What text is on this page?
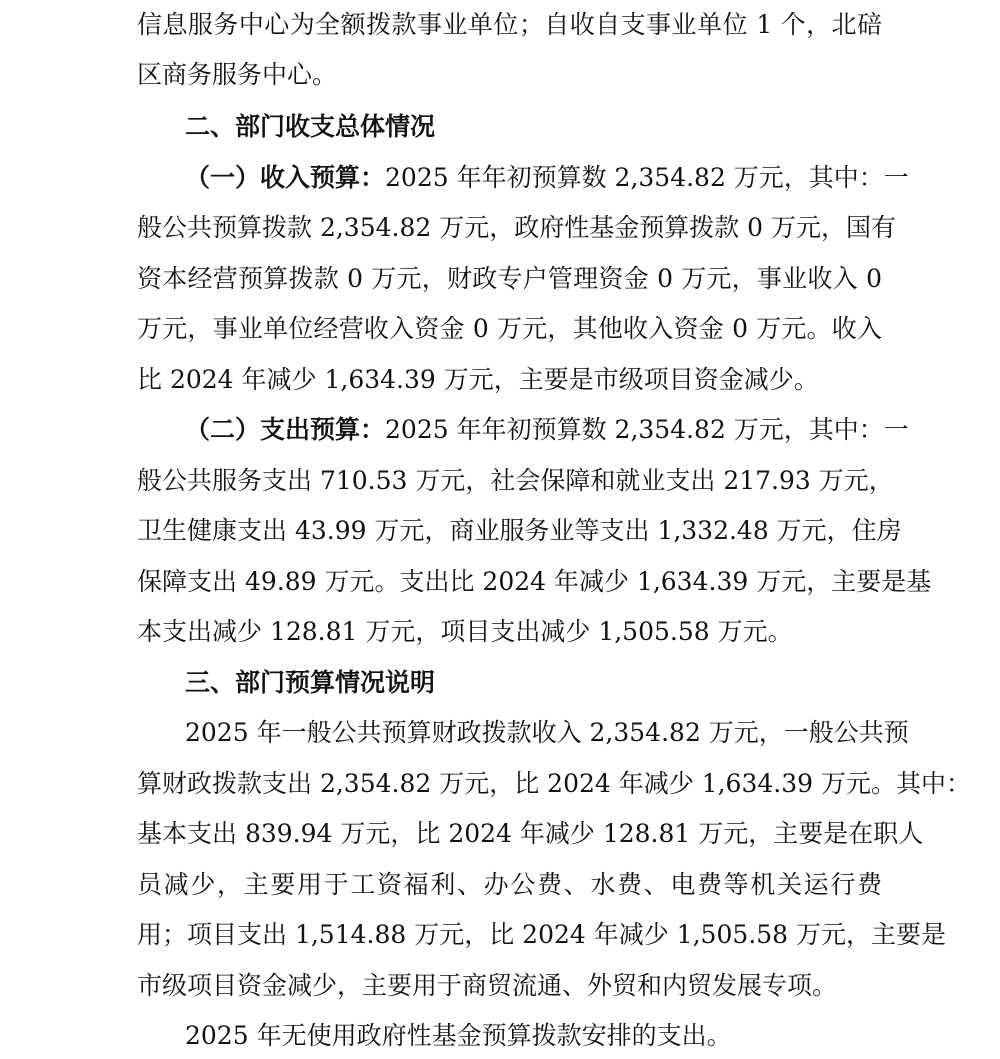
信息服务中心为全额拨款事业单位；自收自支事业单位 1 个，北碚
区商务服务中心。
二、部门收支总体情况
（一）收入预算：2025 年年初预算数 2,354.82 万元，其中：一
般公共预算拨款 2,354.82 万元，政府性基金预算拨款 0 万元，国有
资本经营预算拨款 0 万元，财政专户管理资金 0 万元，事业收入 0
万元，事业单位经营收入资金 0 万元，其他收入资金 0 万元。收入
比 2024 年减少 1,634.39 万元，主要是市级项目资金减少。
（二）支出预算：2025 年年初预算数 2,354.82 万元，其中：一
般公共服务支出 710.53 万元，社会保障和就业支出 217.93 万元，
卫生健康支出 43.99 万元，商业服务业等支出 1,332.48 万元，住房
保障支出 49.89 万元。支出比 2024 年减少 1,634.39 万元，主要是基
本支出减少 128.81 万元，项目支出减少 1,505.58 万元。
三、部门预算情况说明
2025 年一般公共预算财政拨款收入 2,354.82 万元，一般公共预
算财政拨款支出 2,354.82 万元，比 2024 年减少 1,634.39 万元。其中：
基本支出 839.94 万元，比 2024 年减少 128.81 万元，主要是在职人
员减少，主要用于工资福利、办公费、水费、电费等机关运行费
用；项目支出 1,514.88 万元，比 2024 年减少 1,505.58 万元，主要是
市级项目资金减少，主要用于商贸流通、外贸和内贸发展专项。
2025 年无使用政府性基金预算拨款安排的支出。
